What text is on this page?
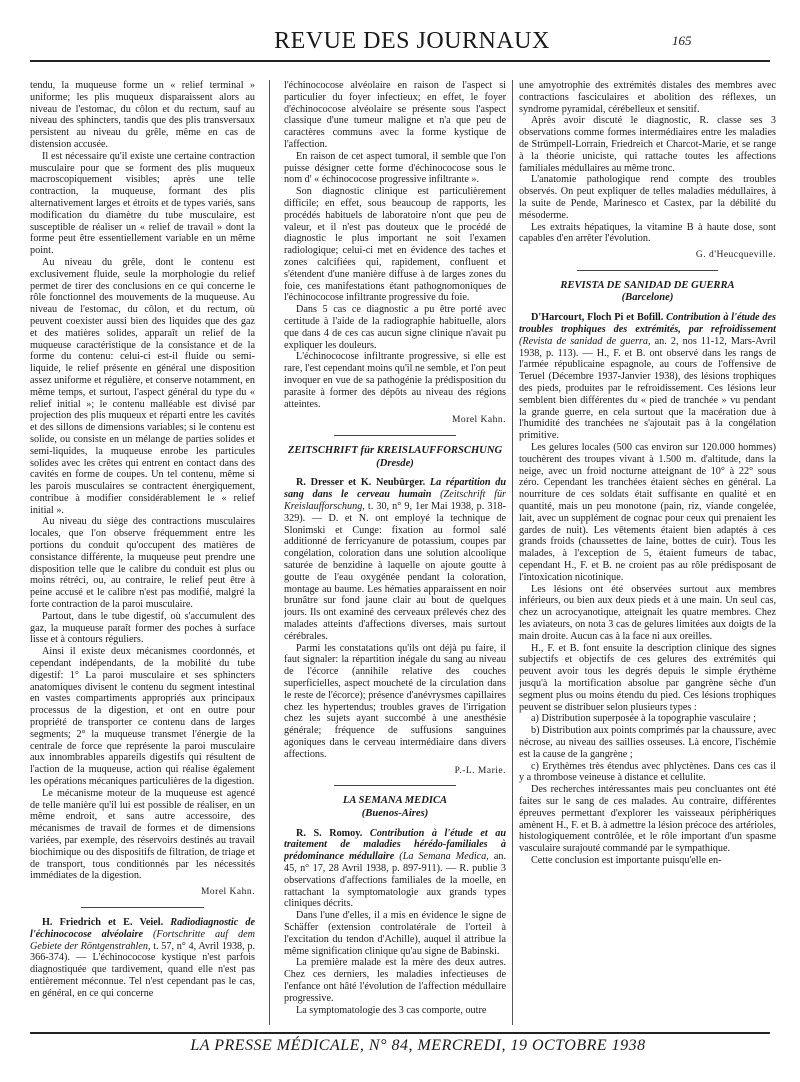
REVUE DES JOURNAUX	165

tendu, la muqueuse forme un « relief terminal » uniforme; les plis muqueux disparaissent alors au niveau de l'estomac, du côlon et du rectum, sauf au niveau des sphincters, tandis que des plis transversaux persistent au niveau du grêle, même en cas de distension accusée.

Il est nécessaire qu'il existe une certaine contraction musculaire pour que se forment des plis muqueux macroscopiquement visibles; après une telle contraction, la muqueuse, formant des plis alternativement larges et étroits et de types variés, sans modification du diamètre du tube musculaire, est susceptible de réaliser un « relief de travail » dont la forme peut être essentiellement variable en un même point.

Au niveau du grêle, dont le contenu est exclusivement fluide, seule la morphologie du relief permet de tirer des conclusions en ce qui concerne le rôle fonctionnel des mouvements de la muqueuse. Au niveau de l'estomac, du côlon, et du rectum, où peuvent coexister aussi bien des liquides que des gaz et des matières solides, apparaît un relief de la muqueuse caractéristique de la consistance et de la forme du contenu: celui-ci est-il fluide ou semi-liquide, le relief présente en général une disposition assez uniforme et régulière, et conserve notamment, en même temps, et surtout, l'aspect général du type du « relief initial »; le contenu malléable est divisé par projection des plis muqueux et réparti entre les cavités et des sillons de dimensions variables; si le contenu est solide, ou consiste en un mélange de parties solides et semi-liquides, la muqueuse enrobe les particules solides avec les crêtes qui entrent en contact dans des cavités en forme de coupes. Un tel contenu, même si les parois musculaires se contractent énergiquement, contribue à modifier considérablement le « relief initial ».

Au niveau du siège des contractions musculaires locales, que l'on observe fréquemment entre les portions du conduit qu'occupent des matières de consistance différente, la muqueuse peut prendre une disposition telle que le calibre du conduit est plus ou moins rétréci, ou, au contraire, le relief peut être à peine accusé et le calibre n'est pas modifié, malgré la forte contraction de la paroi musculaire.

Partout, dans le tube digestif, où s'accumulent des gaz, la muqueuse paraît former des poches à surface lisse et à contours réguliers.

Ainsi il existe deux mécanismes coordonnés, et cependant indépendants, de la mobilité du tube digestif: 1° La paroi musculaire et ses sphincters anatomiques divisent le contenu du segment intestinal en vastes compartiments appropriés aux principaux processus de la digestion, et ont en outre pour propriété de transporter ce contenu dans de larges segments; 2° la muqueuse transmet l'énergie de la centrale de force que représente la paroi musculaire aux innombrables appareils digestifs qui résultent de l'action de la muqueuse, action qui réalise également les opérations mécaniques particulières de la digestion.

Le mécanisme moteur de la muqueuse est agencé de telle manière qu'il lui est possible de réaliser, en un même endroit, et sans autre accessoire, des mécanismes de travail de formes et de dimensions variées, par exemple, des réservoirs destinés au travail biochimique ou des dispositifs de filtration, de triage et de transport, tous conditionnés par les nécessités immédiates de la digestion.

Morel Kahn.

H. Friedrich et E. Veiel. Radiodiagnostic de l'échinococose alvéolaire (Fortschritte auf dem Gebiete der Röntgenstrahlen, t. 57, n° 4, Avril 1938, p. 366-374). — L'échinococose kystique n'est parfois diagnostiquée que tardivement, quand elle n'est pas entièrement méconnue. Tel n'est cependant pas le cas, en général, en ce qui concerne

l'échinococose alvéolaire en raison de l'aspect si particulier du foyer infectieux; en effet, le foyer d'échinococose alvéolaire se présente sous l'aspect classique d'une tumeur maligne et n'a que peu de caractères communs avec la forme kystique de l'affection.

En raison de cet aspect tumoral, il semble que l'on puisse désigner cette forme d'échinococose sous le nom d' « échinococose progressive infiltrante ».

Son diagnostic clinique est particulièrement difficile; en effet, sous beaucoup de rapports, les procédés habituels de laboratoire n'ont que peu de valeur, et il n'est pas douteux que le procédé de diagnostic le plus important ne soit l'examen radiologique; celui-ci met en évidence des taches et zones calcifiées qui, rapidement, confluent et s'étendent d'une manière diffuse à de larges zones du foie, ces manifestations étant pathognomoniques de l'échinococose infiltrante progressive du foie.

Dans 5 cas ce diagnostic a pu être porté avec certitude à l'aide de la radiographie habituelle, alors que dans 4 de ces cas aucun signe clinique n'avait pu expliquer les douleurs.

L'échinococose infiltrante progressive, si elle est rare, l'est cependant moins qu'il ne semble, et l'on peut invoquer en vue de sa pathogénie la prédisposition du parasite à former des dépôts au niveau des régions atteintes.

Morel Kahn.
ZEITSCHRIFT für KREISLAUFFORSCHUNG
(Dresde)

R. Dresser et K. Neubürger. La répartition du sang dans le cerveau humain (Zeitschrift für Kreislaufforschung, t. 30, n° 9, 1er Mai 1938, p. 318-329). — D. et N. ont employé la technique de Slonimski et Cunge: fixation au formol salé additionné de ferricyanure de potassium, coupes par congélation, coloration dans une solution alcoolique saturée de benzidine à laquelle on ajoute goutte à goutte de l'eau oxygénée pendant la coloration, montage au baume. Les hématies apparaissent en noir brunâtre sur fond jaune clair au bout de quelques jours. Ils ont examiné des cerveaux prélevés chez des malades atteints d'affections diverses, mais surtout cérébrales.

Parmi les constatations qu'ils ont déjà pu faire, il faut signaler: la répartition inégale du sang au niveau de l'écorce (annihile relative des couches superficielles, aspect moucheté de la circulation dans le reste de l'écorce); présence d'anévrysmes capillaires chez les hypertendus; troubles graves de l'irrigation chez les sujets ayant succombé à une anesthésie générale; fréquence de suffusions sanguines agoniques dans le cerveau intermédiaire dans divers affections.

P.-L. Marie.
LA SEMANA MEDICA
(Buenos-Aires)

R. S. Romoy. Contribution à l'étude et au traitement de maladies hérédo-familiales à prédominance médullaire (La Semana Medica, an. 45, n° 17, 28 Avril 1938, p. 897-911). — R. publie 3 observations d'affections familiales de la moelle, en rattachant la symptomatologie aux grands types cliniques décrits.

Dans l'une d'elles, il a mis en évidence le signe de Schäffer (extension controlatérale de l'orteil à l'excitation du tendon d'Achille), auquel il attribue la même signification clinique qu'au signe de Babinski.

La première malade est la mère des deux autres. Chez ces derniers, les maladies infectieuses de l'enfance ont hâté l'évolution de l'affection médullaire progressive.

La symptomatologie des 3 cas comporte, outre

une amyotrophie des extrémités distales des membres avec contractions fasciculaires et abolition des réflexes, un syndrome pyramidal, cérébelleux et sensitif.

Après avoir discuté le diagnostic, R. classe ses 3 observations comme formes intermédiaires entre les maladies de Strümpell-Lorrain, Friedreich et Charcot-Marie, et se range à la théorie uniciste, qui rattache toutes les affections familiales médullaires au même tronc.

L'anatomie pathologique rend compte des troubles observés. On peut expliquer de telles maladies médullaires, à la suite de Pende, Marinesco et Castex, par la débilité du mésoderme.

Les extraits hépatiques, la vitamine B à haute dose, sont capables d'en arrêter l'évolution.

G. d'Heucqueville.
REVISTA DE SANIDAD DE GUERRA
(Barcelone)

D'Harcourt, Floch Pi et Bofill. Contribution à l'étude des troubles trophiques des extrémités, par refroidissement (Revista de sanidad de guerra, an. 2, nos 11-12, Mars-Avril 1938, p. 113). — H., F. et B. ont observé dans les rangs de l'armée républicaine espagnole, au cours de l'offensive de Teruel (Décembre 1937-Janvier 1938), des lésions trophiques des pieds, produites par le refroidissement. Ces lésions leur semblent bien différentes du « pied de tranchée » vu pendant la grande guerre, en cela surtout que la macération due à l'humidité des tranchées ne s'ajoutait pas à la congélation primitive.

Les gelures locales (500 cas environ sur 120.000 hommes) touchèrent des troupes vivant à 1.500 m. d'altitude, dans la neige, avec un froid nocturne atteignant de 10° à 22° sous zéro. Cependant les tranchées étaient sèches en général. La nourriture de ces soldats était suffisante en qualité et en quantité, mais un peu monotone (pain, riz, viande congelée, lait, avec un supplément de cognac pour ceux qui prenaient les gardes de nuit). Les vêtements étaient bien adaptés à ces grands froids (chaussettes de laine, bottes de cuir). Tous les malades, à l'exception de 5, étaient fumeurs de tabac, cependant H., F. et B. ne croient pas au rôle prédisposant de l'intoxication nicotinique.

Les lésions ont été observées surtout aux membres inférieurs, ou bien aux deux pieds et à une main. Un seul cas, chez un acrocyanotique, atteignait les quatre membres. Chez les aviateurs, on nota 3 cas de gelures limitées aux doigts de la main droite. Aucun cas à la face ni aux oreilles.

H., F. et B. font ensuite la description clinique des signes subjectifs et objectifs de ces gelures des extrémités qui peuvent avoir tous les degrés depuis le simple érythème jusqu'à la mortification absolue par gangrène sèche d'un segment plus ou moins étendu du pied. Ces lésions trophiques peuvent se distribuer selon plusieurs types :

a) Distribution superposée à la topographie vasculaire ;

b) Distribution aux points comprimés par la chaussure, avec nécrose, au niveau des saillies osseuses. Là encore, l'ischémie est la cause de la gangrène ;

c) Erythèmes très étendus avec phlyctènes. Dans ces cas il y a thrombose veineuse à distance et cellulite.

Des recherches intéressantes mais peu concluantes ont été faites sur le sang de ces malades. Au contraire, différentes épreuves permettant d'explorer les vaisseaux périphériques amènent H., F. et B. à admettre la lésion précoce des artérioles, histologiquement contrôlée, et le rôle important d'un spasme vasculaire surajouté commandé par le sympathique.

Cette conclusion est importante puisqu'elle en-

LA PRESSE MÉDICALE, N° 84, MERCREDI, 19 OCTOBRE 1938
